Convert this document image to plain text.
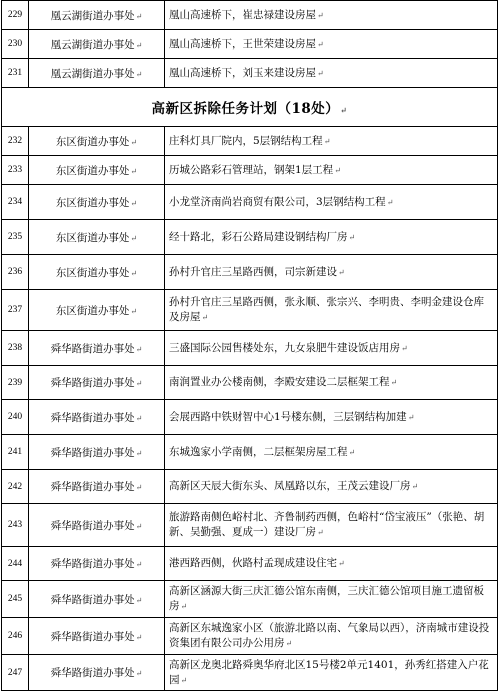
229	凰云湖街道办事处↵	凰山高速桥下，崔忠禄建设房屋↵
230	凰云湖街道办事处↵	凰山高速桥下，王世荣建设房屋↵
231	凰云湖街道办事处↵	凰山高速桥下，刘玉来建设房屋↵
高新区拆除任务计划（18处）↵		
232	东区街道办事处↵	庄科灯具厂院内，5层钢结构工程↵
233	东区街道办事处↵	历城公路彩石管理站，钢架1层工程↵
234	东区街道办事处↵	小龙堂济南尚岩商贸有限公司，3层钢结构工程↵
235	东区街道办事处↵	经十路北，彩石公路局建设钢结构厂房↵
236	东区街道办事处↵	孙村升官庄三星路西侧，司宗新建设↵
237	东区街道办事处↵	孙村升官庄三星路西侧，张永顺、张宗兴、李明贵、李明金建设仓库及房屋↵
238	舜华路街道办事处↵	三盛国际公园售楼处东，九女泉肥牛建设饭店用房↵
239	舜华路街道办事处↵	南润置业办公楼南侧，李殿安建设二层框架工程↵
240	舜华路街道办事处↵	会展西路中铁财智中心1号楼东侧，三层钢结构加建↵
241	舜华路街道办事处↵	东城逸家小学南侧，二层框架房屋工程↵
242	舜华路街道办事处↵	高新区天辰大街东头、凤凰路以东，王茂云建设厂房↵
243	舜华路街道办事处↵	旅游路南侧色峪村北、齐鲁制药西侧，色峪村“岱宝液压”（张艳、胡新、吴勤强、夏成一）建设厂房↵
244	舜华路街道办事处↵	港西路西侧，伙路村孟现成建设住宅↵
245	舜华路街道办事处↵	高新区涵源大街三庆汇德公馆东南侧，三庆汇德公馆项目施工遗留板房↵
246	舜华路街道办事处↵	高新区东城逸家小区（旅游北路以南、气象局以西），济南城市建设投资集团有限公司办公用房↵
247	舜华路街道办事处↵	高新区龙奥北路舜奥华府北区15号楼2单元1401，孙秀红搭建入户花园↵
